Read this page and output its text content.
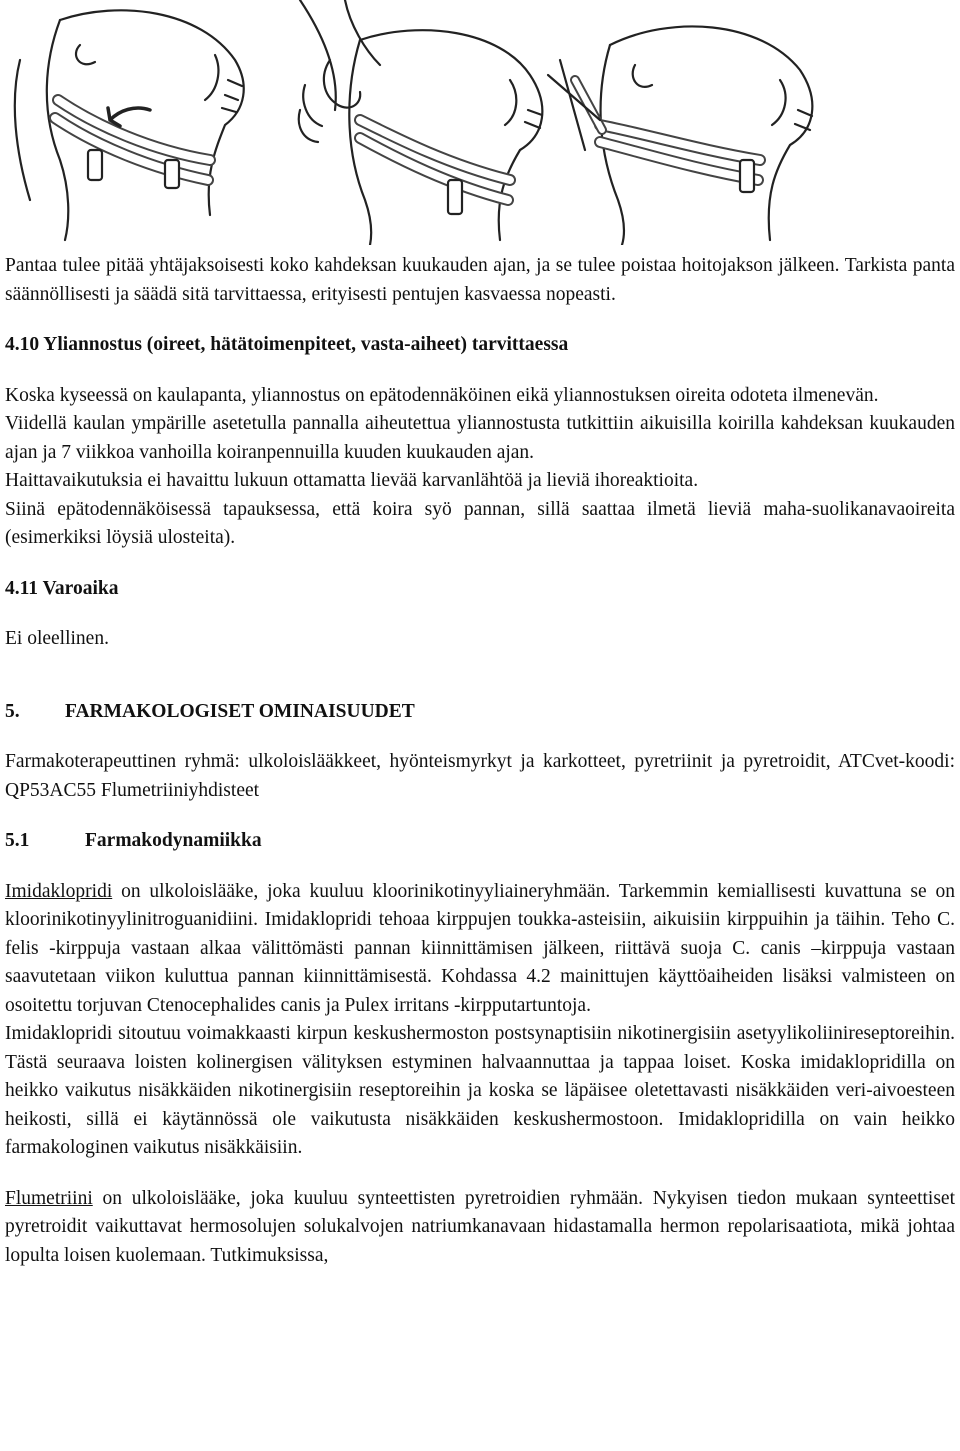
Pantaa tulee pitää yhtäjaksoisesti koko kahdeksan kuukauden ajan, ja se tulee poistaa hoitojakson jälkeen. Tarkista panta säännöllisesti ja säädä sitä tarvittaessa, erityisesti pentujen kasvaessa nopeasti.

4.10 Yliannostus (oireet, hätätoimenpiteet, vasta-aiheet) tarvittaessa

Koska kyseessä on kaulapanta, yliannostus on epätodennäköinen eikä yliannostuksen oireita odoteta ilmenevän.

Viidellä kaulan ympärille asetetulla pannalla aiheutettua yliannostusta tutkittiin aikuisilla koirilla kahdeksan kuukauden ajan ja 7 viikkoa vanhoilla koiranpennuilla kuuden kuukauden ajan.

Haittavaikutuksia ei havaittu lukuun ottamatta lievää karvanlähtöä ja lieviä ihoreaktioita.

Siinä epätodennäköisessä tapauksessa, että koira syö pannan, sillä saattaa ilmetä lieviä maha-suolikanavaoireita (esimerkiksi löysiä ulosteita).

4.11 Varoaika

Ei oleellinen.

5. FARMAKOLOGISET OMINAISUUDET

Farmakoterapeuttinen ryhmä: ulkoloislääkkeet, hyönteismyrkyt ja karkotteet, pyretriinit ja pyretroidit, ATCvet-koodi: QP53AC55 Flumetriiniyhdisteet

5.1	Farmakodynamiikka

Imidaklopridi on ulkoloislääke, joka kuuluu kloorinikotinyyliaineryhmään. Tarkemmin kemiallisesti kuvattuna se on kloorinikotinyylinitroguanidiini. Imidaklopridi tehoaa kirppujen toukka-asteisiin, aikuisiin kirppuihin ja täihin. Teho C. felis -kirppuja vastaan alkaa välittömästi pannan kiinnittämisen jälkeen, riittävä suoja C. canis –kirppuja vastaan saavutetaan viikon kuluttua pannan kiinnittämisestä. Kohdassa 4.2 mainittujen käyttöaiheiden lisäksi valmisteen on osoitettu torjuvan Ctenocephalides canis ja Pulex irritans -kirpputartuntoja.

Imidaklopridi sitoutuu voimakkaasti kirpun keskushermoston postsynaptisiin nikotinergisiin asetyylikoliinireseptoreihin. Tästä seuraava loisten kolinergisen välityksen estyminen halvaannuttaa ja tappaa loiset. Koska imidaklopridilla on heikko vaikutus nisäkkäiden nikotinergisiin reseptoreihin ja koska se läpäisee oletettavasti nisäkkäiden veri-aivoesteen heikosti, sillä ei käytännössä ole vaikutusta nisäkkäiden keskushermostoon. Imidaklopridilla on vain heikko farmakologinen vaikutus nisäkkäisiin.

Flumetriini on ulkoloislääke, joka kuuluu synteettisten pyretroidien ryhmään. Nykyisen tiedon mukaan synteettiset pyretroidit vaikuttavat hermosolujen solukalvojen natriumkanavaan hidastamalla hermon repolarisaatiota, mikä johtaa lopulta loisen kuolemaan. Tutkimuksissa,
